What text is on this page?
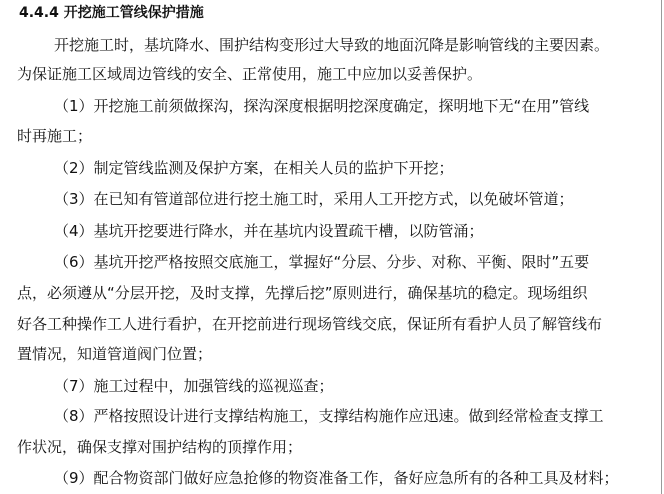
4.4.4 开挖施工管线保护措施
开挖施工时，基坑降水、围护结构变形过大导致的地面沉降是影响管线的主要因素。
为保证施工区域周边管线的安全、正常使用，施工中应加以妥善保护。
（1）开挖施工前须做探沟，探沟深度根据明挖深度确定，探明地下无“在用”管线
时再施工；
（2）制定管线监测及保护方案，在相关人员的监护下开挖；
（3）在已知有管道部位进行挖土施工时，采用人工开挖方式，以免破坏管道；
（4）基坑开挖要进行降水，并在基坑内设置疏干槽，以防管涌；
（6）基坑开挖严格按照交底施工，掌握好“分层、分步、对称、平衡、限时”五要
点，必须遵从“分层开挖，及时支撑，先撑后挖”原则进行，确保基坑的稳定。现场组织
好各工种操作工人进行看护，在开挖前进行现场管线交底，保证所有看护人员了解管线布
置情况，知道管道阀门位置；
（7）施工过程中，加强管线的巡视巡查；
（8）严格按照设计进行支撑结构施工，支撑结构施作应迅速。做到经常检查支撑工
作状况，确保支撑对围护结构的顶撑作用；
（9）配合物资部门做好应急抢修的物资准备工作，备好应急所有的各种工具及材料；
